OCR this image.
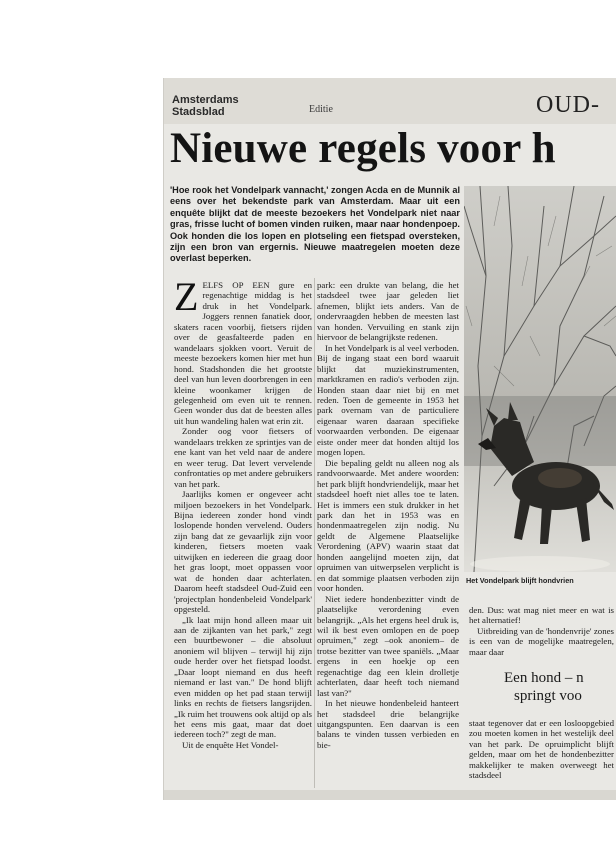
Amsterdams Stadsblad	Editie	OUD-
Nieuwe regels voor h

'Hoe rook het Vondelpark vannacht,' zongen Acda en de Munnik al eens over het bekendste park van Amsterdam. Maar uit een enquête blijkt dat de meeste bezoekers het Vondelpark niet naar gras, frisse lucht of bomen vinden ruiken, maar naar hondenpoep. Ook honden die los lopen en plotseling een fietspad oversteken, zijn een bron van ergernis. Nieuwe maatregelen moeten deze overlast beperken.

ZELFS OP EEN gure en regenachtige middag is het druk in het Vondelpark. Joggers rennen fanatiek door, skaters racen voorbij, fietsers rijden over de geasfalteerde paden en wandelaars sjokken voort. Veruit de meeste bezoekers komen hier met hun hond. Stadshonden die het grootste deel van hun leven doorbrengen in een kleine woonkamer krijgen de gelegenheid om even uit te rennen. Geen wonder dus dat de beesten alles uit hun wandeling halen wat erin zit.

Zonder oog voor fietsers of wandelaars trekken ze sprintjes van de ene kant van het veld naar de andere en weer terug. Dat levert vervelende confrontaties op met andere gebruikers van het park.

Jaarlijks komen er ongeveer acht miljoen bezoekers in het Vondelpark. Bijna iedereen zonder hond vindt loslopende honden vervelend. Ouders zijn bang dat ze gevaarlijk zijn voor kinderen, fietsers moeten vaak uitwijken en iedereen die graag door het gras loopt, moet oppassen voor wat de honden daar achterlaten. Daarom heeft stadsdeel Oud-Zuid een 'projectplan hondenbeleid Vondelpark' opgesteld.

„Ik laat mijn hond alleen maar uit aan de zijkanten van het park," zegt een buurtbewoner – die absoluut anoniem wil blijven – terwijl hij zijn oude herder over het fietspad loodst. „Daar loopt niemand en dus heeft niemand er last van." De hond blijft even midden op het pad staan terwijl links en rechts de fietsers langsrijden. „Ik ruim het trouwens ook altijd op als het eens mis gaat, maar dat doet iedereen toch?" zegt de man.

Uit de enquête Het Vondel-

park: een drukte van belang, die het stadsdeel twee jaar geleden liet afnemen, blijkt iets anders. Van de ondervraagden hebben de meesten last van honden. Vervuiling en stank zijn hiervoor de belangrijkste redenen.

In het Vondelpark is al veel verboden. Bij de ingang staat een bord waaruit blijkt dat muziekinstrumenten, marktkramen en radio's verboden zijn. Honden staan daar niet bij en met reden. Toen de gemeente in 1953 het park overnam van de particuliere eigenaar waren daaraan specifieke voorwaarden verbonden. De eigenaar eiste onder meer dat honden altijd los mogen lopen.

Die bepaling geldt nu alleen nog als randvoorwaarde. Met andere woorden: het park blijft hondvriendelijk, maar het stadsdeel hoeft niet alles toe te laten. Het is immers een stuk drukker in het park dan het in 1953 was en hondenmaatregelen zijn nodig. Nu geldt de Algemene Plaatselijke Verordening (APV) waarin staat dat honden aangelijnd moeten zijn, dat opruimen van uitwerpselen verplicht is en dat sommige plaatsen verboden zijn voor honden.

Niet iedere hondenbezitter vindt de plaatselijke verordening even belangrijk. „Als het ergens heel druk is, wil ik best even omlopen en de poep opruimen," zegt –ook anoniem– de trotse bezitter van twee spaniëls. „Maar ergens in een hoekje op een regenachtige dag een klein drolletje achterlaten, daar heeft toch niemand last van?"

In het nieuwe hondenbeleid hanteert het stadsdeel drie belangrijke uitgangspunten. Een daarvan is een balans te vinden tussen verbieden en bie-

Het Vondelpark blijft hondvrien

den. Dus: wat mag niet meer en wat is het alternatief!

Uitbreiding van de 'hondenvrije' zones is een van de mogelijke maatregelen, maar daar

Een hond – n
springt voo

staat tegenover dat er een losloopgebied zou moeten komen in het westelijk deel van het park. De opruimplicht blijft gelden, maar om het de hondenbezitter makkelijker te maken overweegt het stadsdeel
